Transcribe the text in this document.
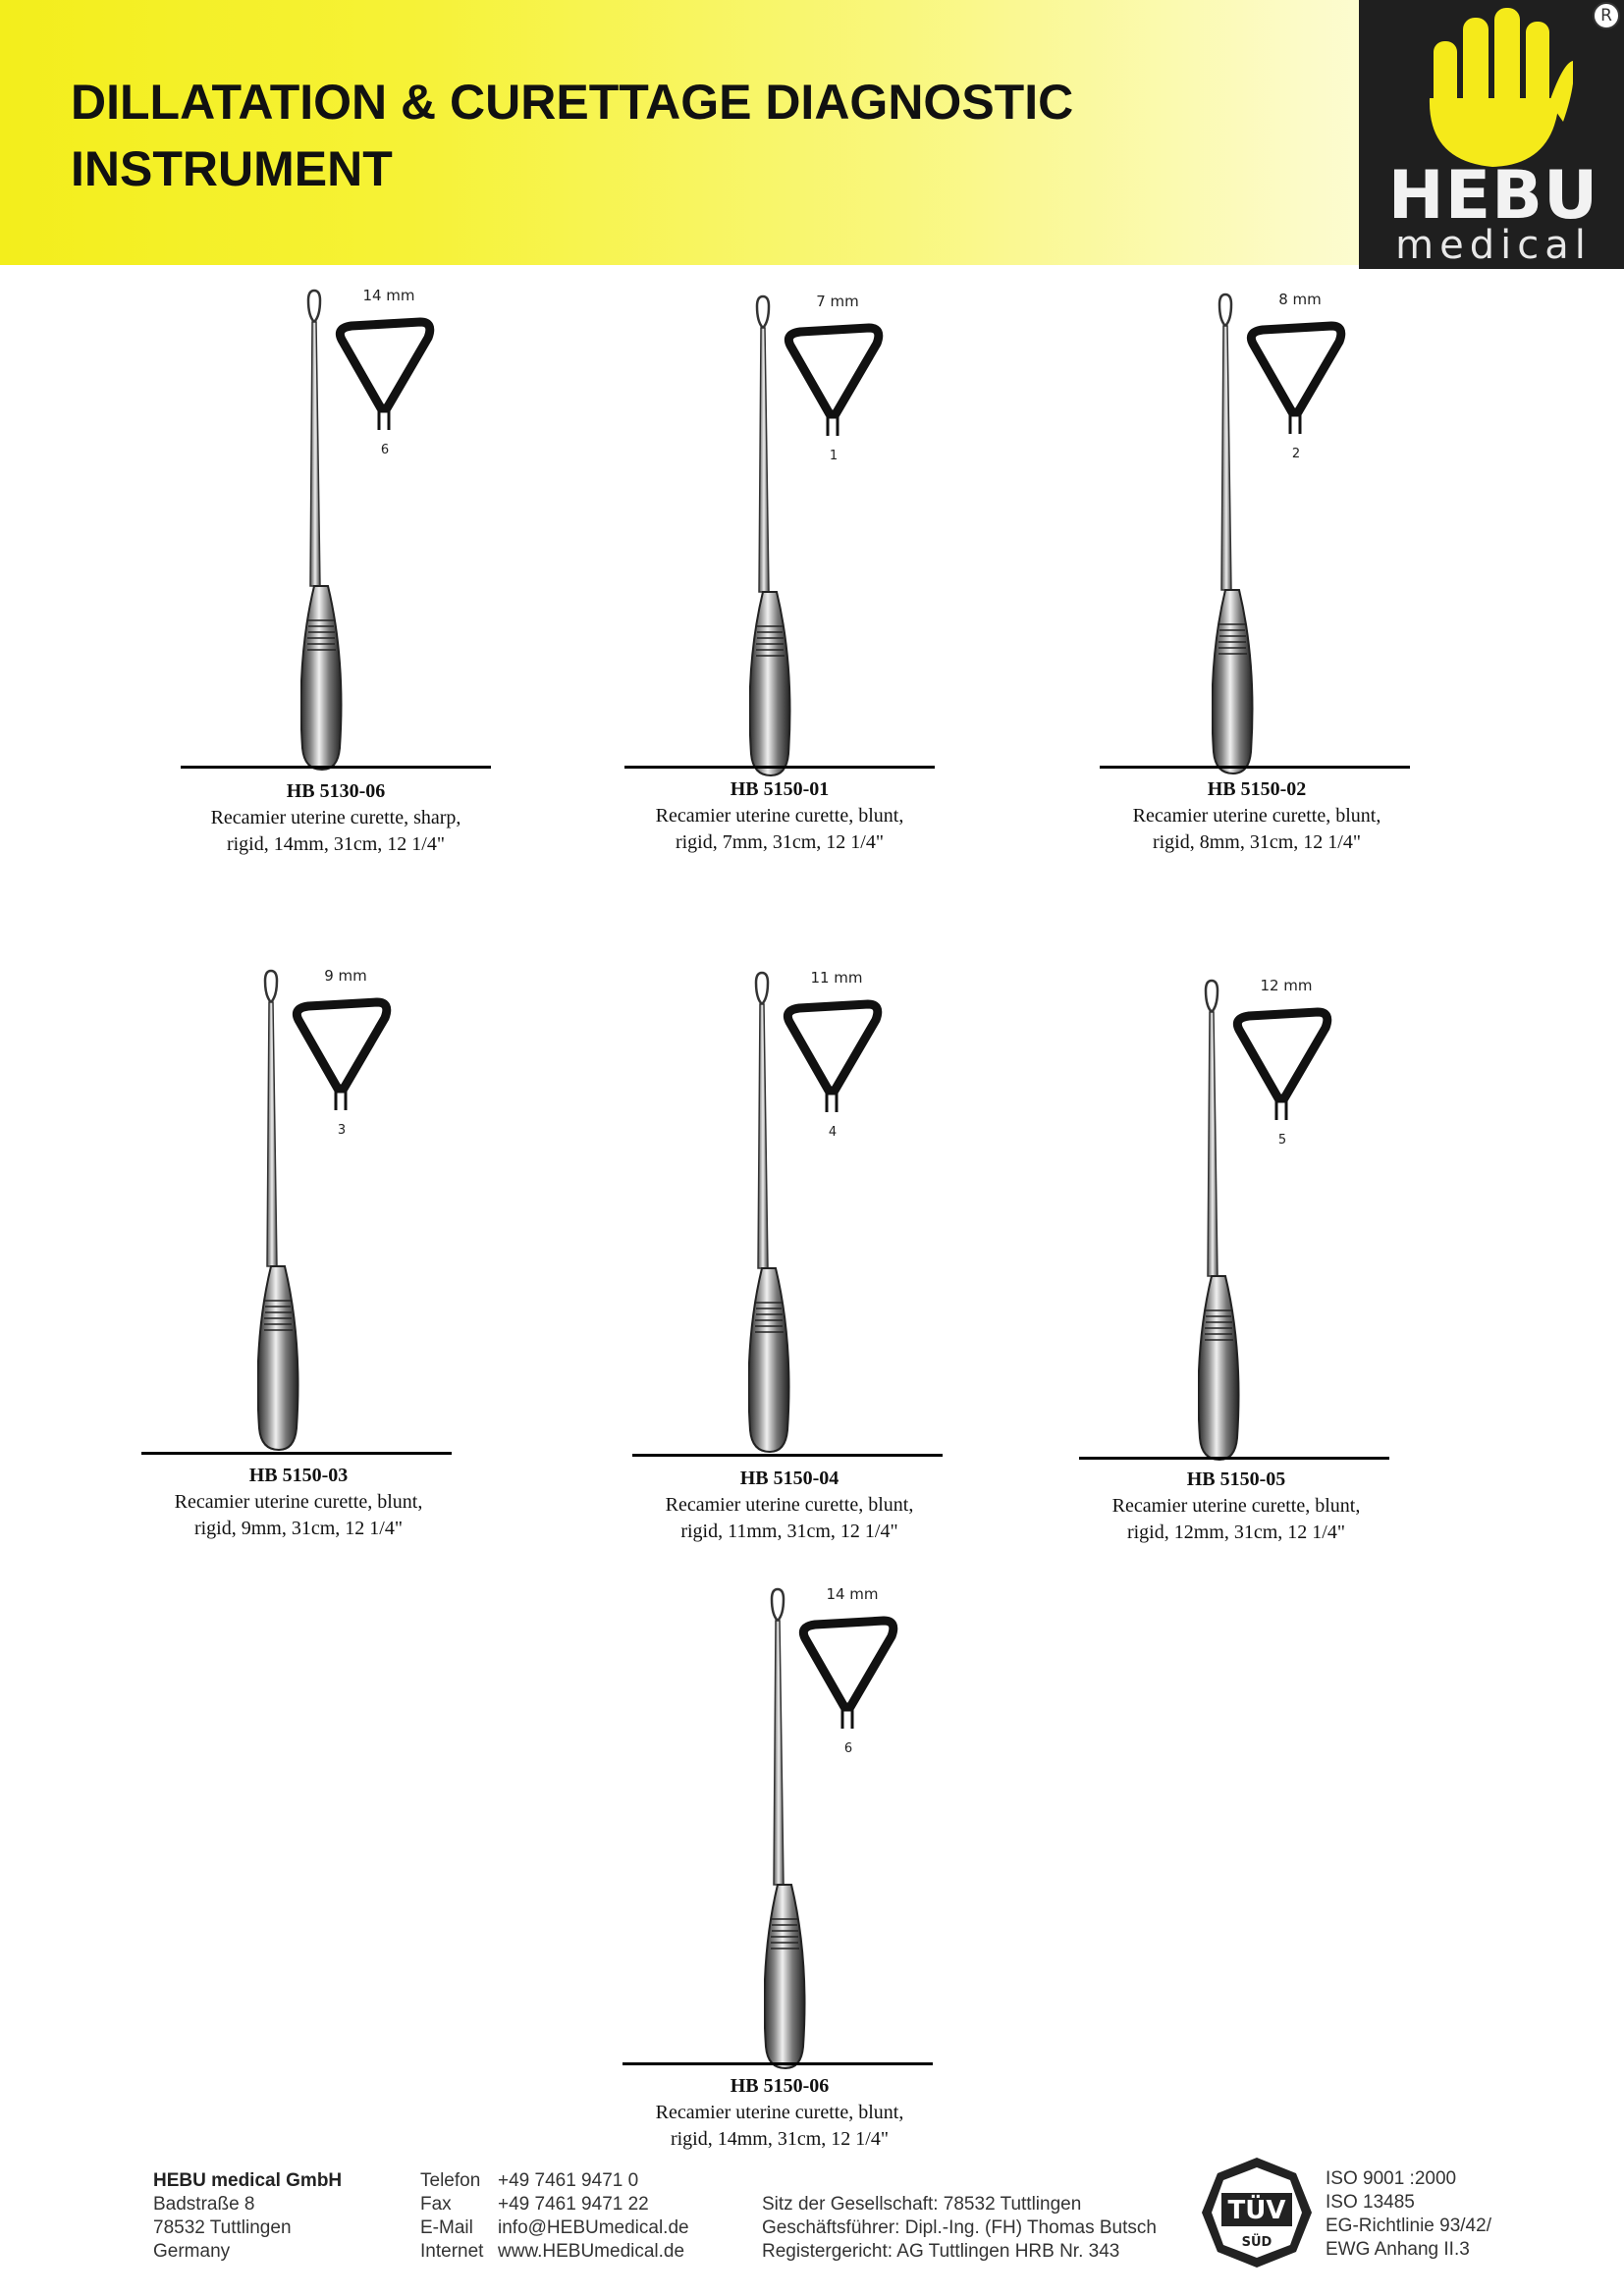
DILLATATION & CURETTAGE DIAGNOSTIC
INSTRUMENT	HEBU
medical
R
14 mm
6
HB 5130-06
Recamier uterine curette, sharp,
rigid, 14mm, 31cm, 12 1/4"
7 mm
1
HB 5150-01
Recamier uterine curette, blunt,
rigid, 7mm, 31cm, 12 1/4"
8 mm
2
HB 5150-02
Recamier uterine curette, blunt,
rigid, 8mm, 31cm, 12 1/4"
9 mm
3
HB 5150-03
Recamier uterine curette, blunt,
rigid, 9mm, 31cm, 12 1/4"
11 mm
4
HB 5150-04
Recamier uterine curette, blunt,
rigid, 11mm, 31cm, 12 1/4"
12 mm
5
HB 5150-05
Recamier uterine curette, blunt,
rigid, 12mm, 31cm, 12 1/4"
14 mm
6
HB 5150-06
Recamier uterine curette, blunt,
rigid, 14mm, 31cm, 12 1/4"
HEBU medical GmbH
Badstraße 8
78532 Tuttlingen
Germany
Telefon
Fax
E-Mail
Internet
+49 7461 9471 0
+49 7461 9471 22
info@HEBUmedical.de
www.HEBUmedical.de
Sitz der Gesellschaft: 78532 Tuttlingen
Geschäftsführer: Dipl.-Ing. (FH) Thomas Butsch
Registergericht: AG Tuttlingen HRB Nr. 343
TÜV
SÜD
ISO 9001 :2000
ISO 13485
EG-Richtlinie 93/42/
EWG Anhang II.3
